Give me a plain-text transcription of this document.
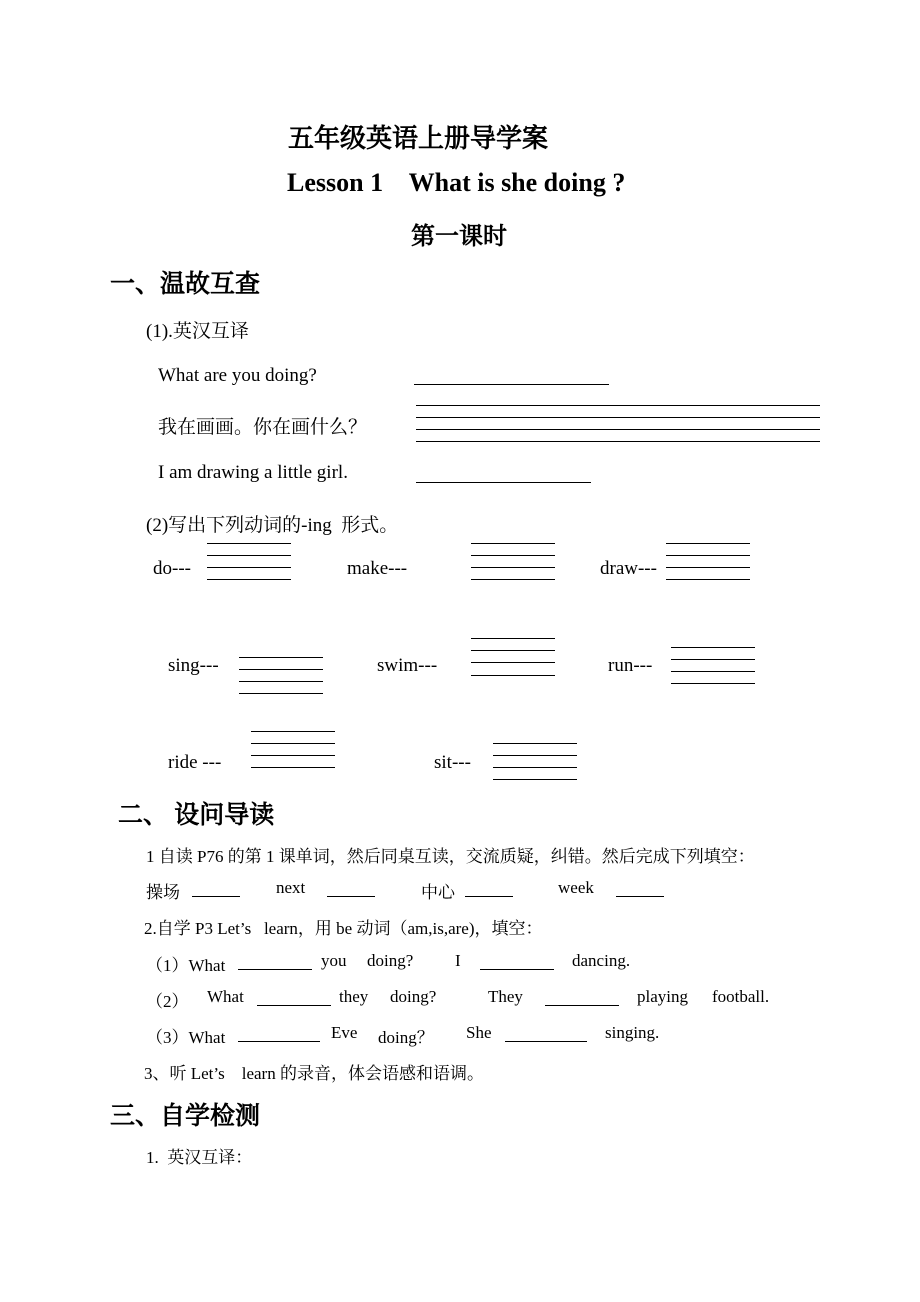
五年级英语上册导学案
Lesson 1    What is she doing ?
第一课时
一、温故互查
(1).英汉互译
What are you doing?
我在画画。你在画什么？
I am drawing a little girl.
(2)写出下列动词的-ing  形式。
do---	make---	draw---
sing---	swim---	run---
ride ---	sit---
二、 设问导读
1 自读 P76 的第 1 课单词，然后同桌互读，交流质疑，纠错。然后完成下列填空：
操场	next	中心	week
2.自学 P3 Let’s   learn，用 be 动词（am,is,are)，填空：
（1）What	you doing? I	dancing.
（2） What	they doing?	They	playing football.
（3）What	Eve doing？ She	singing.
3、听 Let’s    learn 的录音，体会语感和语调。
三、自学检测
1.  英汉互译：
